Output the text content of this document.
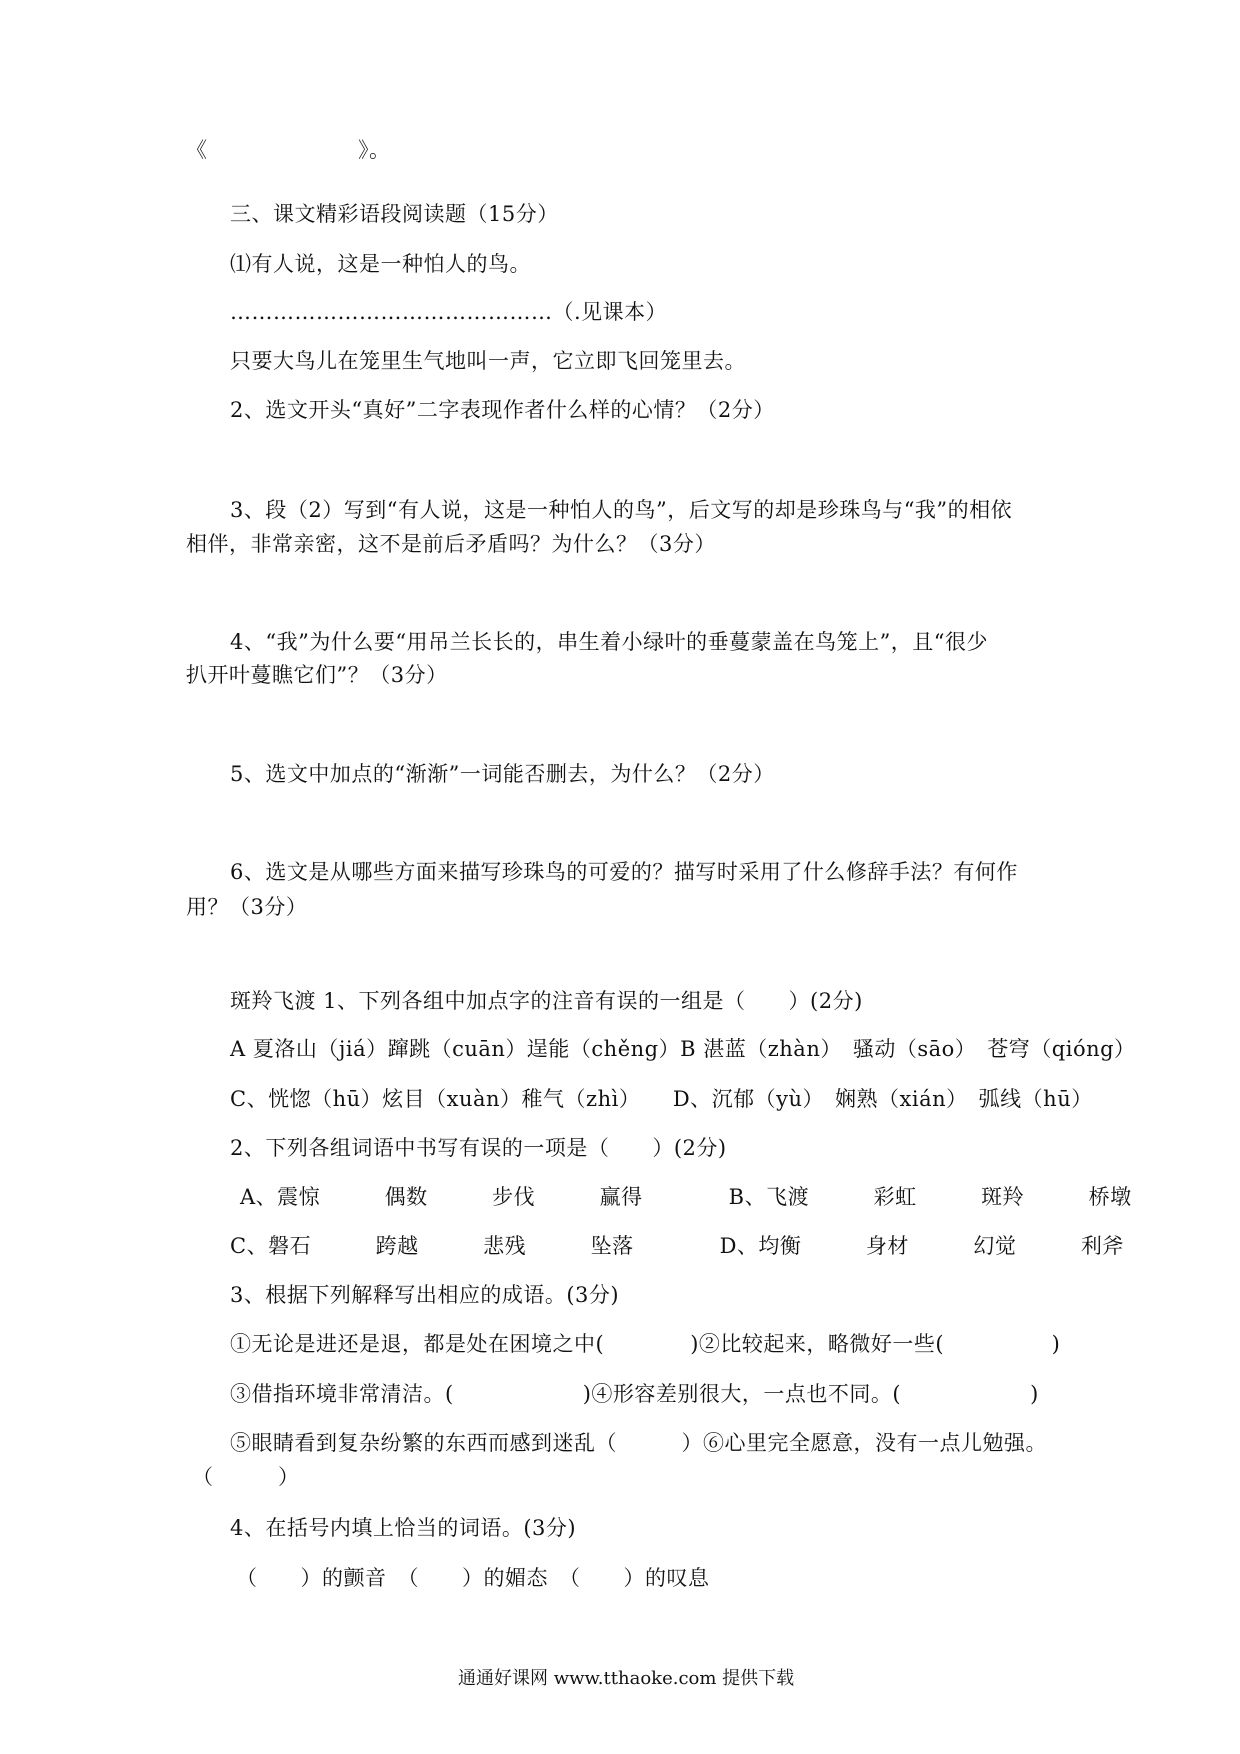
《　　　　　　　》。
三、课文精彩语段阅读题（15分）
⑴有人说，这是一种怕人的鸟。
………………………………………（.见课本）
只要大鸟儿在笼里生气地叫一声，它立即飞回笼里去。
2、选文开头“真好”二字表现作者什么样的心情？（2分）
3、段（2）写到“有人说，这是一种怕人的鸟”，后文写的却是珍珠鸟与“我”的相依
相伴，非常亲密，这不是前后矛盾吗？为什么？（3分）
4、“我”为什么要“用吊兰长长的，串生着小绿叶的垂蔓蒙盖在鸟笼上”，且“很少
扒开叶蔓瞧它们”？（3分）
5、选文中加点的“渐渐”一词能否删去，为什么？（2分）
6、选文是从哪些方面来描写珍珠鸟的可爱的？描写时采用了什么修辞手法？有何作
用？（3分）
斑羚飞渡 1、下列各组中加点字的注音有误的一组是（　　）(2分)
A 夏洛山（jiá）蹿跳（cuān）逞能（chěng）B 湛蓝（zhàn）　骚动（sāo）　苍穹（qióng）
C、恍惚（hū）炫目（xuàn）稚气（zhì）　　D、沉郁（yù）　娴熟（xián）　弧线（hū）
2、下列各组词语中书写有误的一项是（　　）(2分)
A、震惊　　　偶数　　　步伐　　　赢得　　　　B、飞渡　　　彩虹　　　斑羚　　　桥墩
C、磐石　　　跨越　　　悲残　　　坠落　　　　D、均衡　　　身材　　　幻觉　　　利斧
3、根据下列解释写出相应的成语。(3分)
①无论是进还是退，都是处在困境之中(　　　　)②比较起来，略微好一些(　　　　　)
③借指环境非常清洁。(　　　　　　)④形容差别很大，一点也不同。(　　　　　　)
⑤眼睛看到复杂纷繁的东西而感到迷乱（　　　）⑥心里完全愿意，没有一点儿勉强。
（　　　）
4、在括号内填上恰当的词语。(3分)
（　　）的颤音　（　　）的媚态　（　　）的叹息
通通好课网 www.tthaoke.com 提供下载
